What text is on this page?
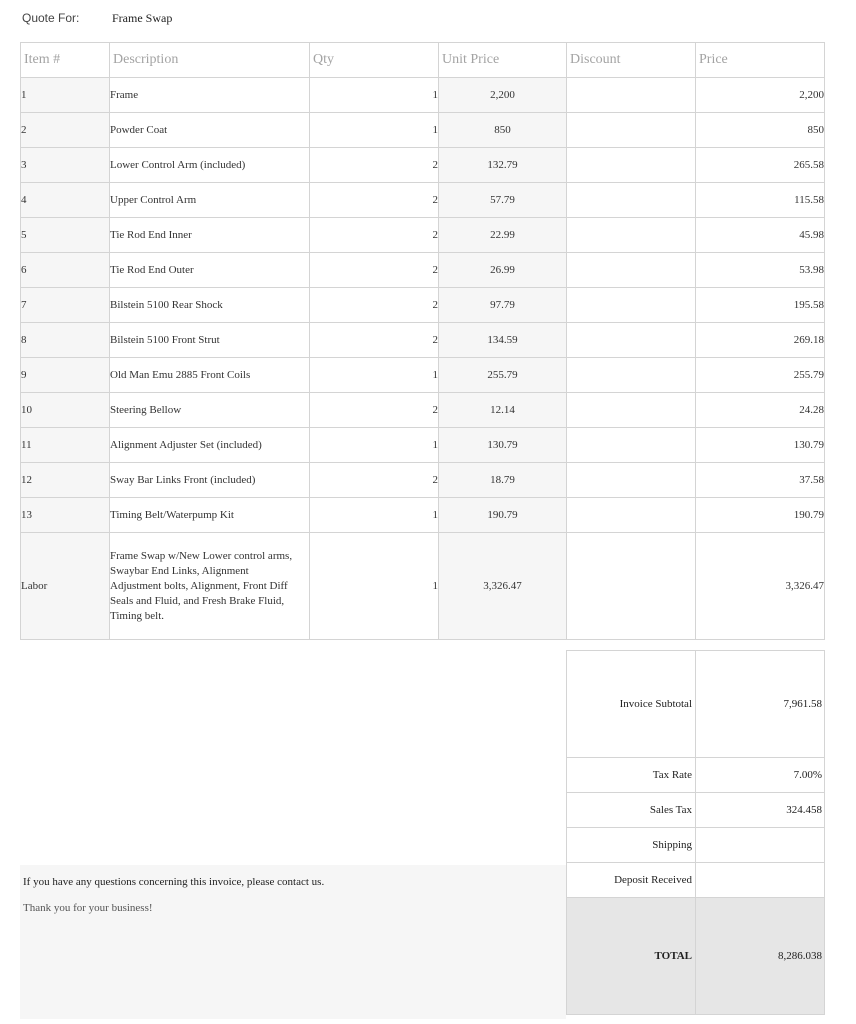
Quote For:	Frame Swap
Item #	Description	Qty	Unit Price	Discount	Price
1	Frame	1	2,200		2,200
2	Powder Coat	1	850		850
3	Lower Control Arm (included)	2	132.79		265.58
4	Upper Control Arm	2	57.79		115.58
5	Tie Rod End Inner	2	22.99		45.98
6	Tie Rod End Outer	2	26.99		53.98
7	Bilstein 5100 Rear Shock	2	97.79		195.58
8	Bilstein 5100 Front Strut	2	134.59		269.18
9	Old Man Emu 2885 Front Coils	1	255.79		255.79
10	Steering Bellow	2	12.14		24.28
11	Alignment Adjuster Set (included)	1	130.79		130.79
12	Sway Bar Links Front (included)	2	18.79		37.58
13	Timing Belt/Waterpump Kit	1	190.79		190.79
Labor	Frame Swap w/New Lower control arms, Swaybar End Links, Alignment Adjustment bolts, Alignment, Front Diff Seals and Fluid, and Fresh Brake Fluid, Timing belt.	1	3,326.47		3,326.47
Invoice Subtotal	7,961.58
Tax Rate	7.00%
Sales Tax	324.458
Shipping	
Deposit Received	
TOTAL	8,286.038
If you have any questions concerning this invoice, please contact us.
Thank you for your business!
